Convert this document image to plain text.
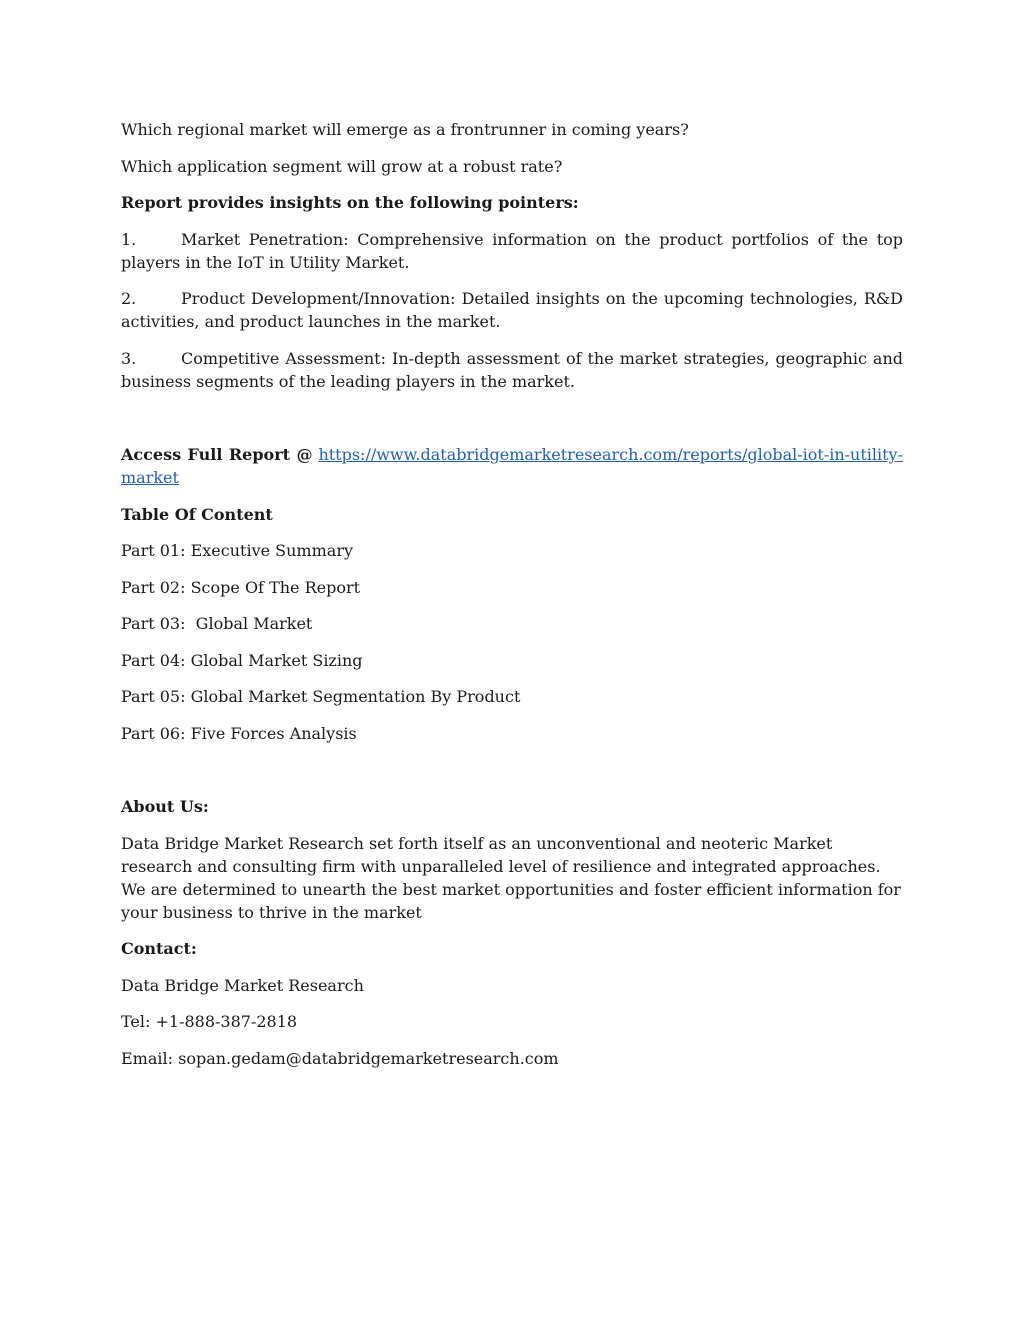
Which regional market will emerge as a frontrunner in coming years?

Which application segment will grow at a robust rate?

Report provides insights on the following pointers:

1.	Market Penetration: Comprehensive information on the product portfolios of the top players in the IoT in Utility Market.

2.	Product Development/Innovation: Detailed insights on the upcoming technologies, R&D activities, and product launches in the market.

3.	Competitive Assessment: In-depth assessment of the market strategies, geographic and business segments of the leading players in the market.

Access Full Report @ https://www.databridgemarketresearch.com/reports/global-iot-in-utility-market

Table Of Content

Part 01: Executive Summary

Part 02: Scope Of The Report

Part 03:  Global Market

Part 04: Global Market Sizing

Part 05: Global Market Segmentation By Product

Part 06: Five Forces Analysis

About Us:

Data Bridge Market Research set forth itself as an unconventional and neoteric Market research and consulting firm with unparalleled level of resilience and integrated approaches. We are determined to unearth the best market opportunities and foster efficient information for your business to thrive in the market

Contact:

Data Bridge Market Research

Tel: +1-888-387-2818

Email: sopan.gedam@databridgemarketresearch.com
